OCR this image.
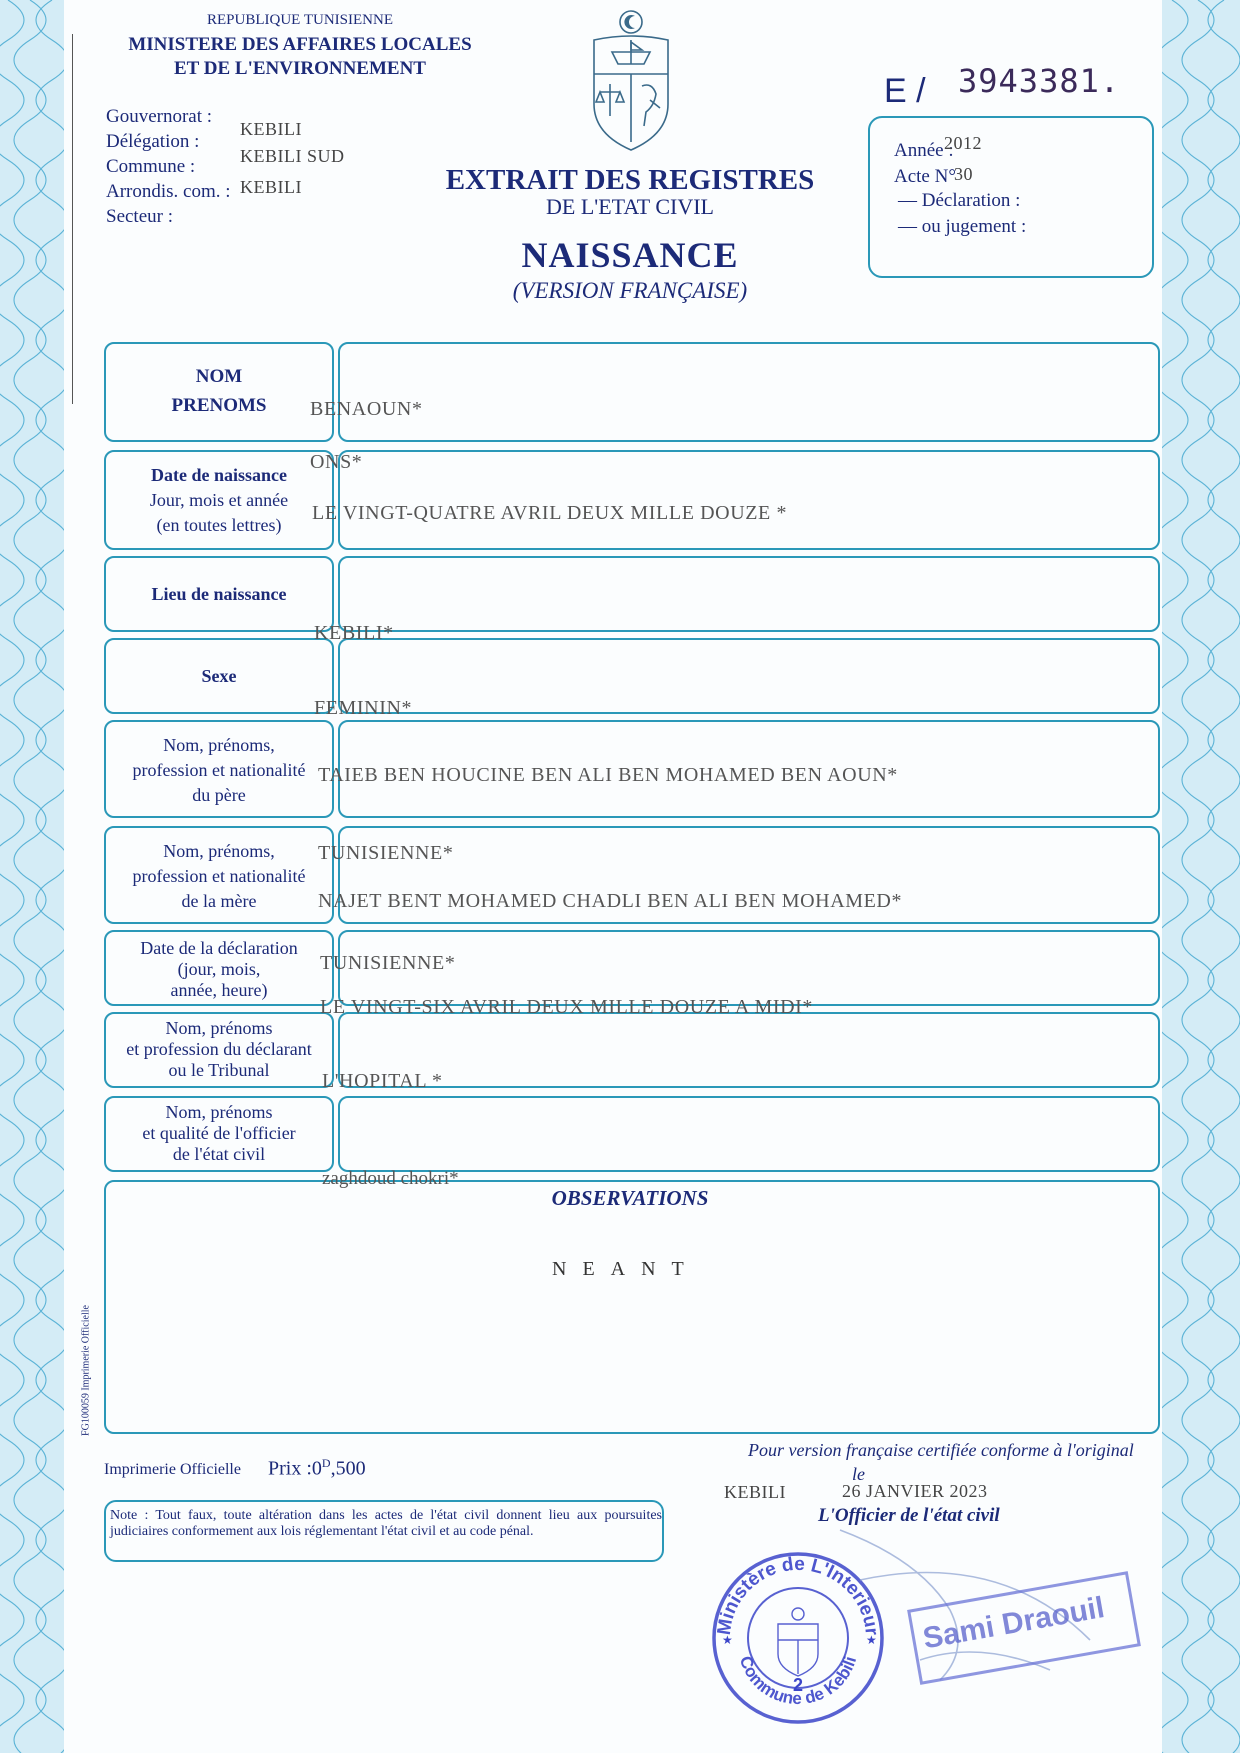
REPUBLIQUE TUNISIENNE
MINISTERE DES AFFAIRES LOCALES
ET DE L'ENVIRONNEMENT
Gouvernorat :
Délégation :
Commune :
Arrondis. com. :
Secteur :
KEBILI
KEBILI SUD
KEBILI
E / 3943381.
EXTRAIT DES REGISTRES
DE L'ETAT CIVIL
NAISSANCE
(VERSION FRANÇAISE)
Année :
2012
Acte N°
30
— Déclaration :
— ou jugement :
NOM
PRENOMS
Date de naissance
Jour, mois et année
(en toutes lettres)
Lieu de naissance
Sexe
Nom, prénoms,
profession et nationalité
du père
Nom, prénoms,
profession et nationalité
de la mère
Date de la déclaration
(jour, mois,
année, heure)
Nom, prénoms
et profession du déclarant
ou le Tribunal
Nom, prénoms
et qualité de l'officier
de l'état civil
OBSERVATIONS
NEANT
BENAOUN*
ONS*
LE VINGT-QUATRE AVRIL DEUX MILLE DOUZE *
KEBILI*
FEMININ*
TAIEB BEN HOUCINE BEN ALI BEN MOHAMED BEN AOUN*
TUNISIENNE*
NAJET BENT MOHAMED CHADLI BEN ALI BEN MOHAMED*
TUNISIENNE*
LE VINGT-SIX AVRIL DEUX MILLE DOUZE A MIDI*
L'HOPITAL *
zaghdoud chokri*
FG100059 Imprimerie Officielle
Imprimerie Officielle Prix $:0^D,500$
Note : Tout faux, toute altération dans les actes de l'état civil donnent lieu aux poursuites judiciaires conformement aux lois réglementant l'état civil et au code pénal.
Pour version française certifiée conforme à l'original
KEBILI
le
26 JANVIER 2023
L'Officier de l'état civil
Ministère de L'Interieur
Commune de Kebili
2
★	★ Sami Draouil
